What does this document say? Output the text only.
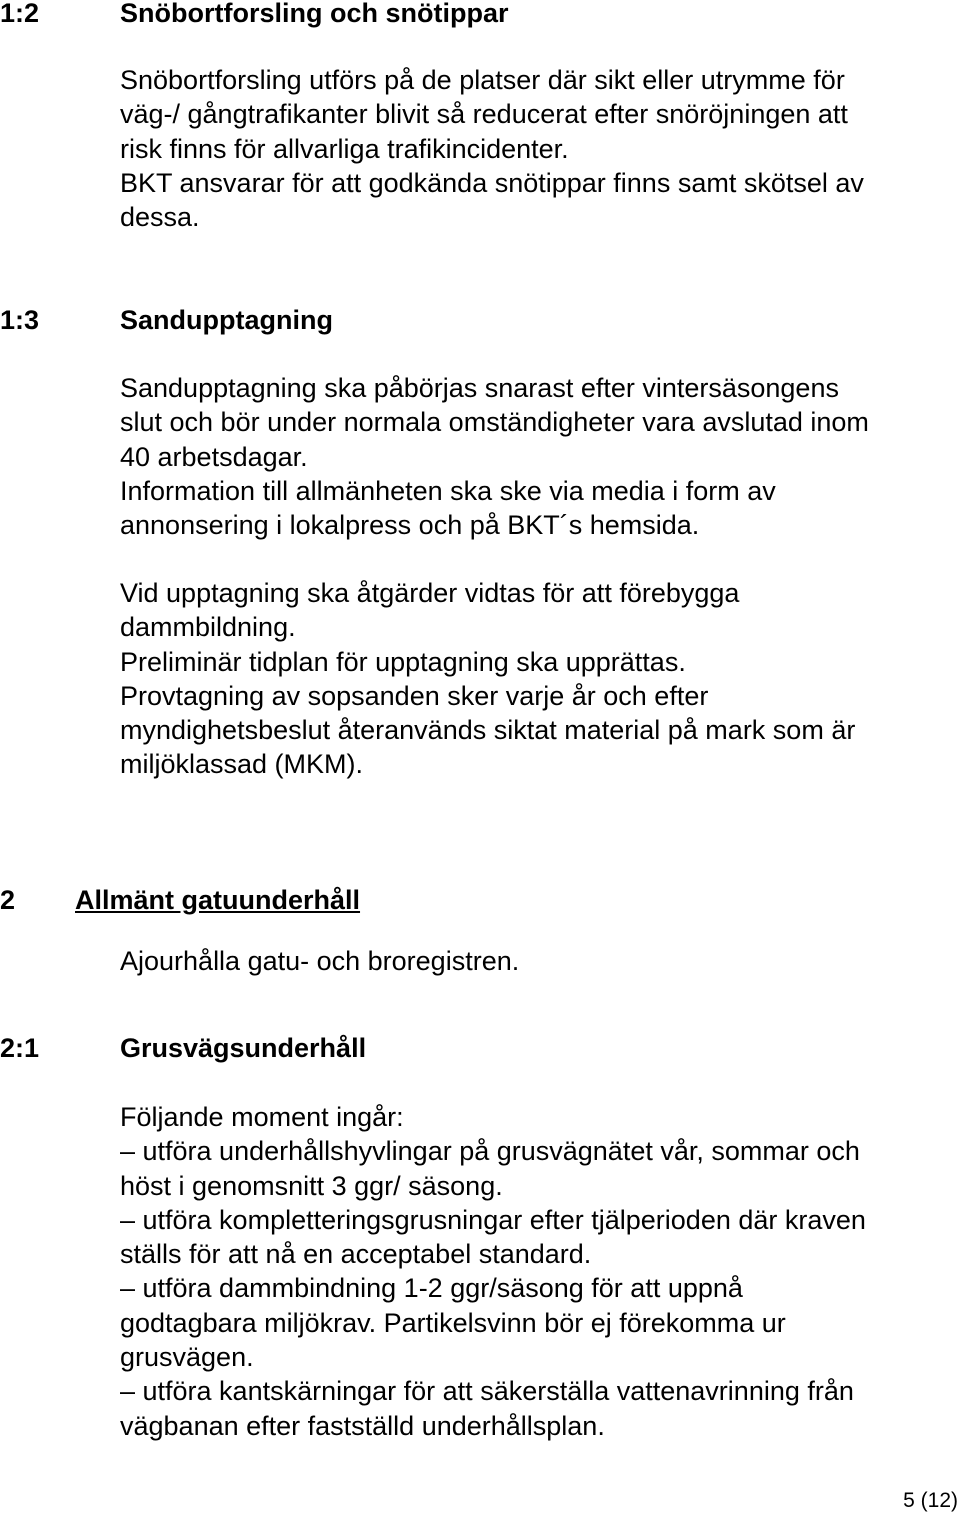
1:2	Snöbortforsling och snötippar
Snöbortforsling utförs på de platser där sikt eller utrymme för
väg-/ gångtrafikanter blivit så reducerat efter snöröjningen att
risk finns för allvarliga trafikincidenter.
BKT ansvarar för att godkända snötippar finns samt skötsel av
dessa.
1:3	Sandupptagning
Sandupptagning ska påbörjas snarast efter vintersäsongens
slut och bör under normala omständigheter vara avslutad inom
40 arbetsdagar.
Information till allmänheten ska ske via media i form av
annonsering i lokalpress och på BKT´s hemsida.
Vid upptagning ska åtgärder vidtas för att förebygga
dammbildning.
Preliminär tidplan för upptagning ska upprättas.
Provtagning av sopsanden sker varje år och efter
myndighetsbeslut återanvänds siktat material på mark som är
miljöklassad (MKM).
2 Allmänt gatuunderhåll
Ajourhålla gatu- och broregistren.
2:1	Grusvägsunderhåll
Följande moment ingår:
– utföra underhållshyvlingar på grusvägnätet vår, sommar och
höst i genomsnitt 3 ggr/ säsong.
– utföra kompletteringsgrusningar efter tjälperioden där kraven
ställs för att nå en acceptabel standard.
– utföra dammbindning 1-2 ggr/säsong för att uppnå
godtagbara miljökrav. Partikelsvinn bör ej förekomma ur
grusvägen.
– utföra kantskärningar för att säkerställa vattenavrinning från
vägbanan efter fastställd underhållsplan.
5 (12)
